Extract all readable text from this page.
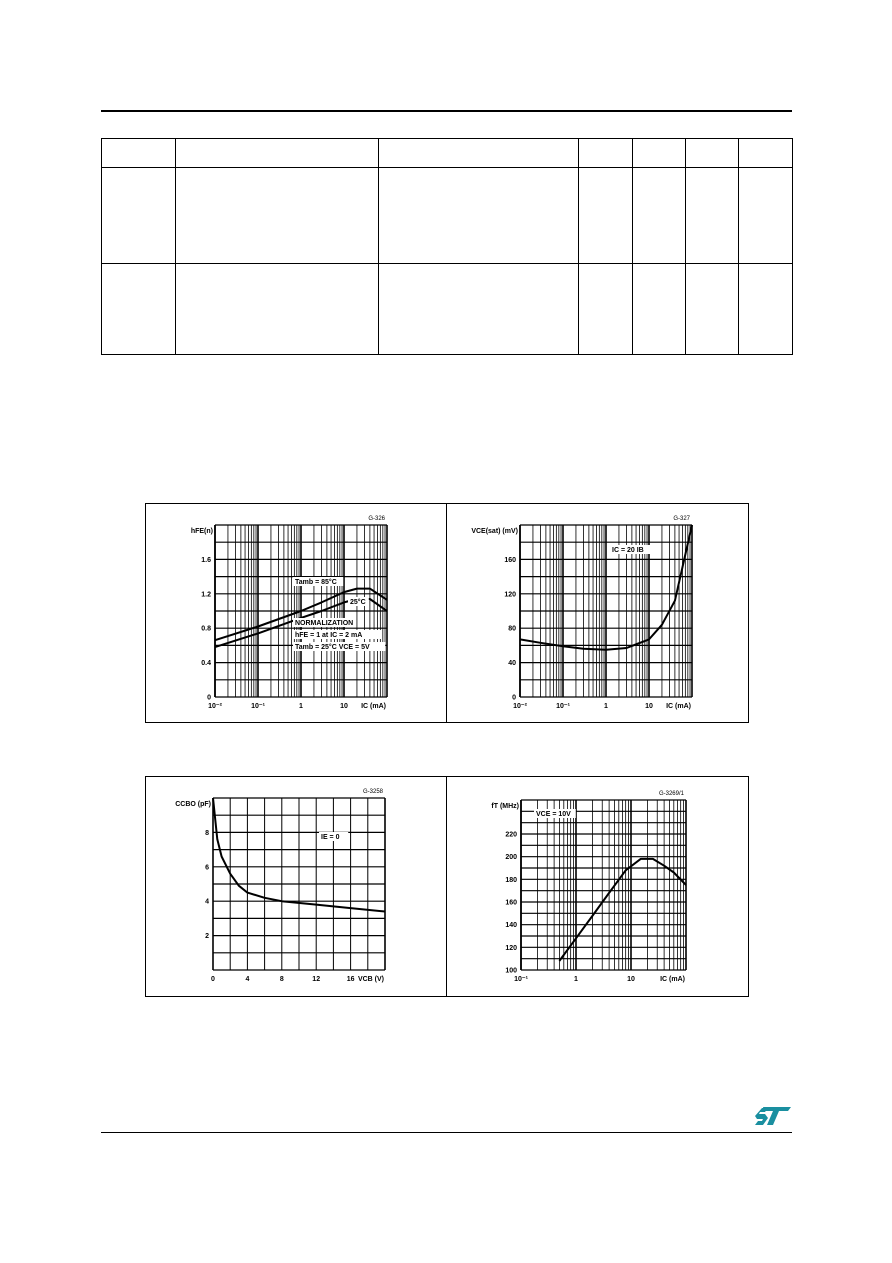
10⁻²	10⁻¹	1	10 IC (mA)
0
0.4
0.8
1.2
1.6
hFE(n)
G-326
Tamb = 85°C
25°C
NORMALIZATION
hFE = 1 at IC = 2 mA
Tamb = 25°C VCE = 5V
10⁻²	10⁻¹	1	10 IC (mA)
0
40
80
120
160
VCE(sat) (mV)
G-327
IC = 20 IB
0	4	8	12	16 VCB (V)
2
4
6
8
CCBO (pF)
G-3258
IE = 0
10⁻¹	1	10	IC (mA)
100
120
140
160
180
200
220
fT (MHz)
G-3269/1
VCE = 10V
